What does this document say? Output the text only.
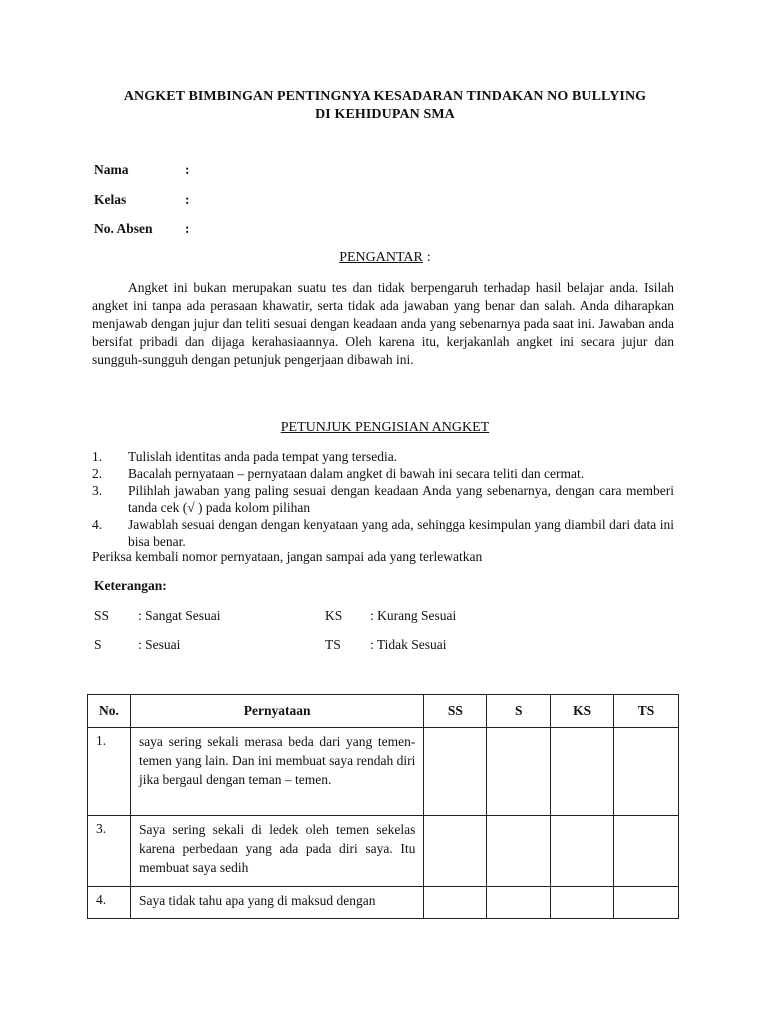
ANGKET BIMBINGAN PENTINGNYA KESADARAN TINDAKAN NO BULLYING
DI KEHIDUPAN SMA
Nama	:
Kelas	:
No. Absen :
PENGANTAR :
Angket ini bukan merupakan suatu tes dan tidak berpengaruh terhadap hasil belajar anda. Isilah angket ini tanpa ada perasaan khawatir, serta tidak ada jawaban yang benar dan salah. Anda diharapkan menjawab dengan jujur dan teliti sesuai dengan keadaan anda yang sebenarnya pada saat ini. Jawaban anda bersifat pribadi dan dijaga kerahasiaannya. Oleh karena itu, kerjakanlah angket ini secara jujur dan sungguh-sungguh dengan petunjuk pengerjaan dibawah ini.
PETUNJUK PENGISIAN ANGKET
1. Tulislah identitas anda pada tempat yang tersedia.
2. Bacalah pernyataan – pernyataan dalam angket di bawah ini secara teliti dan cermat.
3. Pilihlah jawaban yang paling sesuai dengan keadaan Anda yang sebenarnya, dengan cara memberi tanda cek (√ ) pada kolom pilihan
4. Jawablah sesuai dengan dengan kenyataan yang ada, sehingga kesimpulan yang diambil dari data ini bisa benar.
Periksa kembali nomor pernyataan, jangan sampai ada yang terlewatkan
Keterangan:
SS : Sangat Sesuai	KS : Kurang Sesuai
S	: Sesuai	TS : Tidak Sesuai
No.	Pernyataan	SS	S	KS	TS
1.	saya sering sekali merasa beda dari yang temen- temen yang lain. Dan ini membuat saya rendah diri jika bergaul dengan teman – temen.				
3.	Saya sering sekali di ledek oleh temen sekelas karena perbedaan yang ada pada diri saya. Itu membuat saya sedih				
4.	Saya tidak tahu apa yang di maksud dengan				
